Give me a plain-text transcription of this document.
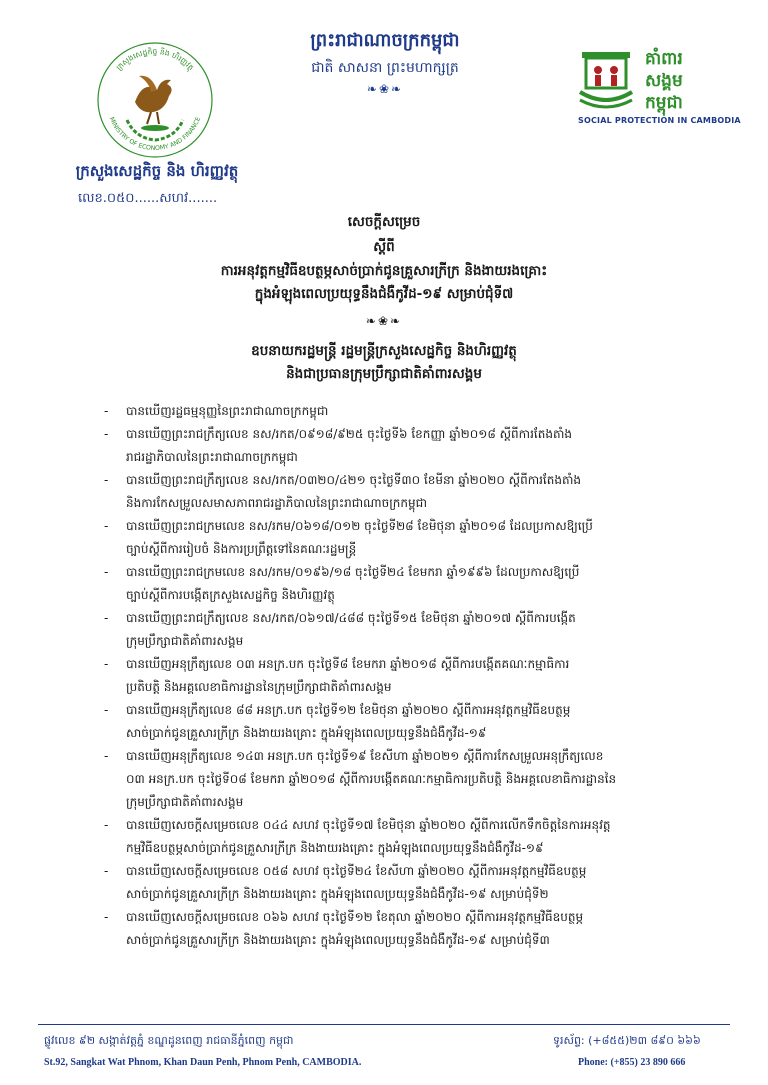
ក្រសួងសេដ្ឋកិច្ច និង ហិរញ្ញវត្ថុ
MINISTRY OF ECONOMY AND FINANCE
ក្រសួងសេដ្ឋកិច្ច និង ហិរញ្ញវត្ថុ
លេខ.០៥០......សហវ.......
ព្រះរាជាណាចក្រកម្ពុជា
ជាតិ សាសនា ព្រះមហាក្សត្រ
❧❀❧
គាំពារ
សង្គម
កម្ពុជា
SOCIAL PROTECTION IN CAMBODIA
សេចក្តីសម្រេច
ស្តីពី
ការអនុវត្តកម្មវិធីឧបត្ថម្ភសាច់ប្រាក់ជូនគ្រួសារក្រីក្រ និងងាយរងគ្រោះ
ក្នុងអំឡុងពេលប្រយុទ្ធនឹងជំងឺកូវីដ-១៩ សម្រាប់ជុំទី៧
❧❀❧
ឧបនាយករដ្ឋមន្ត្រី រដ្ឋមន្ត្រីក្រសួងសេដ្ឋកិច្ច និងហិរញ្ញវត្ថុ
និងជាប្រធានក្រុមប្រឹក្សាជាតិគាំពារសង្គម
- បានឃើញរដ្ឋធម្មនុញ្ញនៃព្រះរាជាណាចក្រកម្ពុជា
- បានឃើញព្រះរាជក្រឹត្យលេខ នស/រកត/០៩១៨/៩២៥ ចុះថ្ងៃទី៦ ខែកញ្ញា ឆ្នាំ២០១៨ ស្តីពីការតែងតាំង
រាជរដ្ឋាភិបាលនៃព្រះរាជាណាចក្រកម្ពុជា
- បានឃើញព្រះរាជក្រឹត្យលេខ នស/រកត/០៣២០/៤២១ ចុះថ្ងៃទី៣០ ខែមីនា ឆ្នាំ២០២០ ស្តីពីការតែងតាំង
និងការកែសម្រួលសមាសភាពរាជរដ្ឋាភិបាលនៃព្រះរាជាណាចក្រកម្ពុជា
- បានឃើញព្រះរាជក្រមលេខ នស/រកម/០៦១៨/០១២ ចុះថ្ងៃទី២៨ ខែមិថុនា ឆ្នាំ២០១៨ ដែលប្រកាសឱ្យប្រើ
ច្បាប់ស្តីពីការរៀបចំ និងការប្រព្រឹត្តទៅនៃគណៈរដ្ឋមន្ត្រី
- បានឃើញព្រះរាជក្រមលេខ នស/រកម/០១៩៦/១៨ ចុះថ្ងៃទី២៤ ខែមករា ឆ្នាំ១៩៩៦ ដែលប្រកាសឱ្យប្រើ
ច្បាប់ស្តីពីការបង្កើតក្រសួងសេដ្ឋកិច្ច និងហិរញ្ញវត្ថុ
- បានឃើញព្រះរាជក្រឹត្យលេខ នស/រកត/០៦១៧/៤៨៨ ចុះថ្ងៃទី១៥ ខែមិថុនា ឆ្នាំ២០១៧ ស្តីពីការបង្កើត
ក្រុមប្រឹក្សាជាតិគាំពារសង្គម
- បានឃើញអនុក្រឹត្យលេខ ០៣ អនក្រ.បក ចុះថ្ងៃទី៨ ខែមករា ឆ្នាំ២០១៨ ស្តីពីការបង្កើតគណៈកម្មាធិការ
ប្រតិបត្តិ និងអគ្គលេខាធិការដ្ឋាននៃក្រុមប្រឹក្សាជាតិគាំពារសង្គម
- បានឃើញអនុក្រឹត្យលេខ ៨៨ អនក្រ.បក ចុះថ្ងៃទី១២ ខែមិថុនា ឆ្នាំ២០២០ ស្តីពីការអនុវត្តកម្មវិធីឧបត្ថម្ភ
សាច់ប្រាក់ជូនគ្រួសារក្រីក្រ និងងាយរងគ្រោះ ក្នុងអំឡុងពេលប្រយុទ្ធនឹងជំងឺកូវីដ-១៩
- បានឃើញអនុក្រឹត្យលេខ ១៤៣ អនក្រ.បក ចុះថ្ងៃទី១៩ ខែសីហា ឆ្នាំ២០២១ ស្តីពីការកែសម្រួលអនុក្រឹត្យលេខ
០៣ អនក្រ.បក ចុះថ្ងៃទី០៨ ខែមករា ឆ្នាំ២០១៨ ស្តីពីការបង្កើតគណៈកម្មាធិការប្រតិបត្តិ និងអគ្គលេខាធិការដ្ឋាននៃ
ក្រុមប្រឹក្សាជាតិគាំពារសង្គម
- បានឃើញសេចក្តីសម្រេចលេខ ០៤៤ សហវ ចុះថ្ងៃទី១៧ ខែមិថុនា ឆ្នាំ២០២០ ស្តីពីការលើកទឹកចិត្តនៃការអនុវត្ត
កម្មវិធីឧបត្ថម្ភសាច់ប្រាក់ជូនគ្រួសារក្រីក្រ និងងាយរងគ្រោះ ក្នុងអំឡុងពេលប្រយុទ្ធនឹងជំងឺកូវីដ-១៩
- បានឃើញសេចក្តីសម្រេចលេខ ០៥៨ សហវ ចុះថ្ងៃទី២៤ ខែសីហា ឆ្នាំ២០២០ ស្តីពីការអនុវត្តកម្មវិធីឧបត្ថម្ភ
សាច់ប្រាក់ជូនគ្រួសារក្រីក្រ និងងាយរងគ្រោះ ក្នុងអំឡុងពេលប្រយុទ្ធនឹងជំងឺកូវីដ-១៩ សម្រាប់ជុំទី២
- បានឃើញសេចក្តីសម្រេចលេខ ០៦៦ សហវ ចុះថ្ងៃទី១២ ខែតុលា ឆ្នាំ២០២០ ស្តីពីការអនុវត្តកម្មវិធីឧបត្ថម្ភ
សាច់ប្រាក់ជូនគ្រួសារក្រីក្រ និងងាយរងគ្រោះ ក្នុងអំឡុងពេលប្រយុទ្ធនឹងជំងឺកូវីដ-១៩ សម្រាប់ជុំទី៣
ផ្លូវលេខ ៩២ សង្កាត់វត្តភ្នំ ខណ្ឌដូនពេញ រាជធានីភ្នំពេញ កម្ពុជា
St.92, Sangkat Wat Phnom, Khan Daun Penh, Phnom Penh, CAMBODIA.
ទូរស័ព្ទ: (+៨៥៥)២៣ ៨៩០ ៦៦៦
Phone: (+855) 23 890 666
